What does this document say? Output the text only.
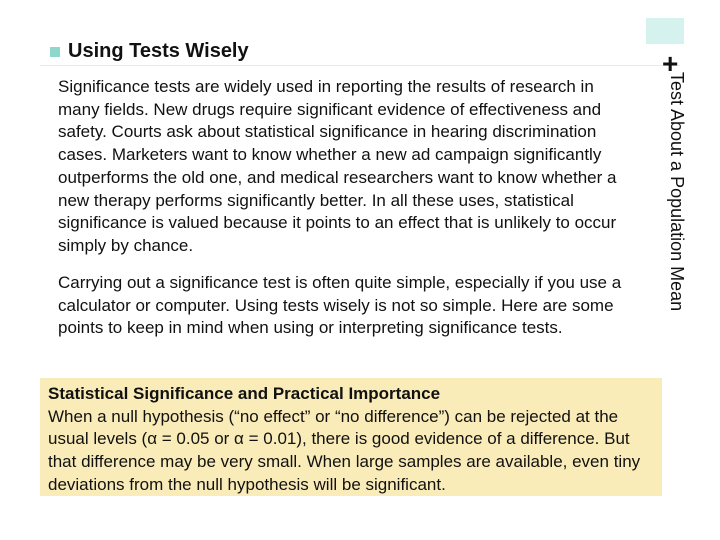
+
Using Tests Wisely
Test About a Population Mean

Significance tests are widely used in reporting the results of research in many fields. New drugs require significant evidence of effectiveness and safety. Courts ask about statistical significance in hearing discrimination cases. Marketers want to know whether a new ad campaign significantly outperforms the old one, and medical researchers want to know whether a new therapy performs significantly better. In all these uses, statistical significance is valued because it points to an effect that is unlikely to occur simply by chance.

Carrying out a significance test is often quite simple, especially if you use a calculator or computer. Using tests wisely is not so simple. Here are some points to keep in mind when using or interpreting significance tests.

Statistical Significance and Practical Importance
When a null hypothesis (“no effect” or “no difference”) can be rejected at the usual levels (α = 0.05 or α = 0.01), there is good evidence of a difference. But that difference may be very small. When large samples are available, even tiny deviations from the null hypothesis will be significant.
